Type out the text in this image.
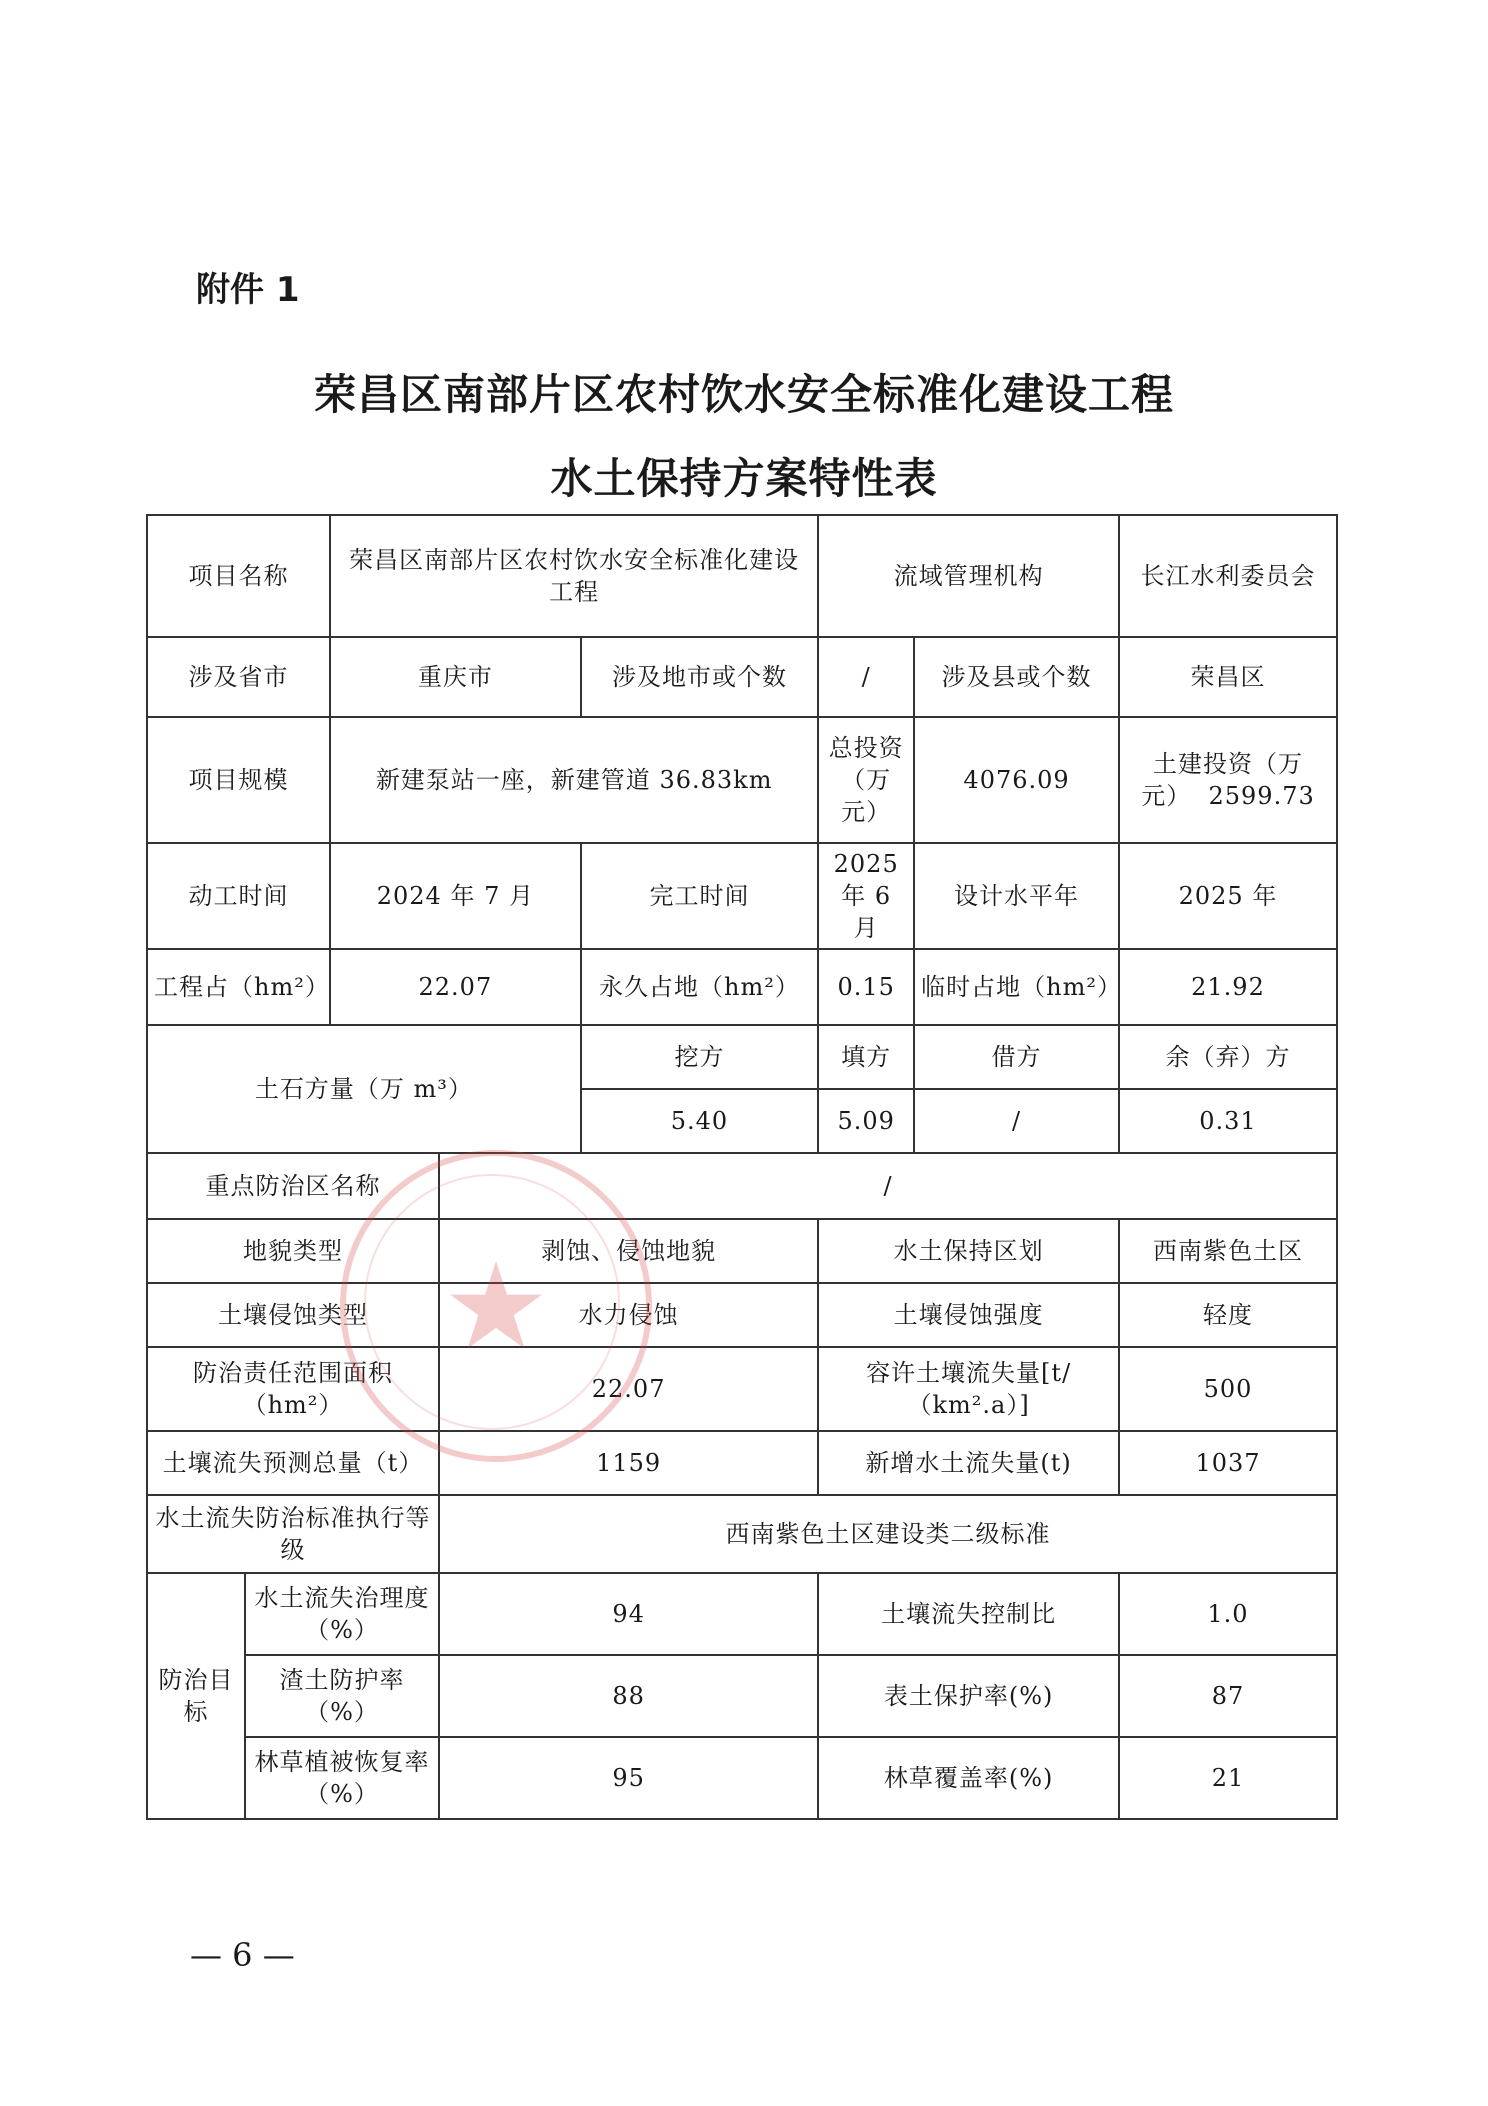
附件 1
荣昌区南部片区农村饮水安全标准化建设工程
水土保持方案特性表
项目名称		荣昌区南部片区农村饮水安全标准化建设工程			流域管理机构		长江水利委员会
涉及省市		重庆市		涉及地市或个数	/	涉及县或个数	荣昌区
项目规模		新建泵站一座，新建管道 36.83km			总投资（万元）	4076.09	土建投资（万元） 2599.73
动工时间		2024 年 7 月		完工时间	2025 年 6 月	设计水平年	2025 年
工程占（hm²）		22.07		永久占地（hm²）	0.15	临时占地（hm²）	21.92
土石方量（万 m³）				挖方	填方	借方	余（弃）方
				5.40	5.09	/	0.31
重点防治区名称			/				
地貌类型			剥蚀、侵蚀地貌		水土保持区划		西南紫色土区
土壤侵蚀类型			水力侵蚀		土壤侵蚀强度		轻度
防治责任范围面积（hm²）			22.07		容许土壤流失量[t/（km².a）]		500
土壤流失预测总量（t）			1159		新增水土流失量(t)		1037
水土流失防治标准执行等级			西南紫色土区建设类二级标准				
防治目标	水土流失治理度（%）		94		土壤流失控制比		1.0
	渣土防护率（%）		88		表土保护率(%)		87
	林草植被恢复率（%）		95		林草覆盖率(%)		21
★
— 6 —
